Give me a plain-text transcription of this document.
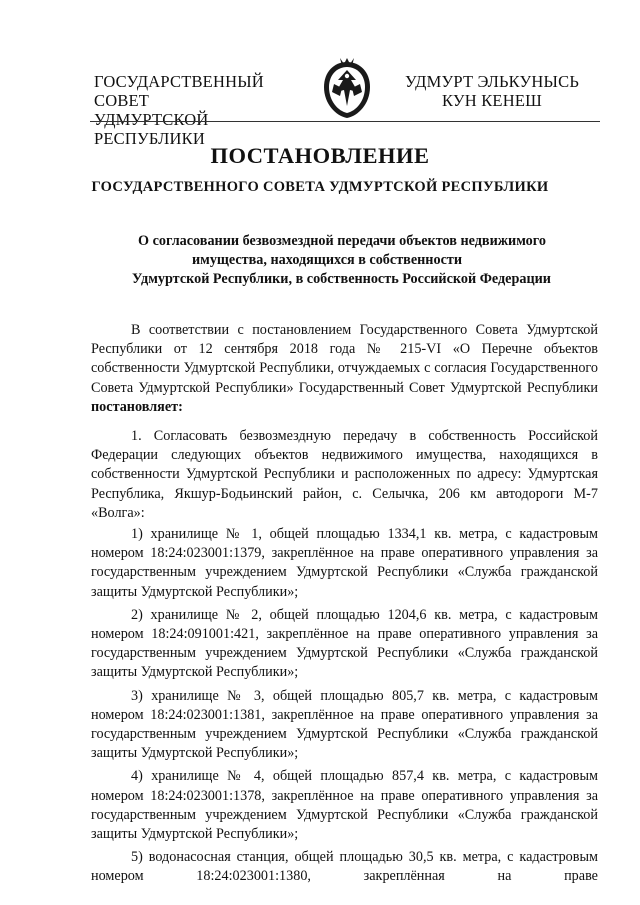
ГОСУДАРСТВЕННЫЙ СОВЕТ
УДМУРТСКОЙ РЕСПУБЛИКИ
УДМУРТ ЭЛЬКУНЫСЬ
КУН КЕНЕШ
ПОСТАНОВЛЕНИЕ
ГОСУДАРСТВЕННОГО СОВЕТА УДМУРТСКОЙ РЕСПУБЛИКИ
О согласовании безвозмездной передачи объектов недвижимого
имущества, находящихся в собственности
Удмуртской Республики, в собственность Российской Федерации

В соответствии с постановлением Государственного Совета Удмуртской Республики от 12 сентября 2018 года № 215-VI «О Перечне объектов собственности Удмуртской Республики, отчуждаемых с согласия Государственного Совета Удмуртской Республики» Государственный Совет Удмуртской Республики постановляет:

1. Согласовать безвозмездную передачу в собственность Российской Федерации следующих объектов недвижимого имущества, находящихся в собственности Удмуртской Республики и расположенных по адресу: Удмуртская Республика, Якшур-Бодьинский район, с. Селычка, 206 км автодороги М-7 «Волга»:

1) хранилище № 1, общей площадью 1334,1 кв. метра, с кадастровым номером 18:24:023001:1379, закреплённое на праве оперативного управления за государственным учреждением Удмуртской Республики «Служба гражданской защиты Удмуртской Республики»;

2) хранилище № 2, общей площадью 1204,6 кв. метра, с кадастровым номером 18:24:091001:421, закреплённое на праве оперативного управления за государственным учреждением Удмуртской Республики «Служба гражданской защиты Удмуртской Республики»;

3) хранилище № 3, общей площадью 805,7 кв. метра, с кадастровым номером 18:24:023001:1381, закреплённое на праве оперативного управления за государственным учреждением Удмуртской Республики «Служба гражданской защиты Удмуртской Республики»;

4) хранилище № 4, общей площадью 857,4 кв. метра, с кадастровым номером 18:24:023001:1378, закреплённое на праве оперативного управления за государственным учреждением Удмуртской Республики «Служба гражданской защиты Удмуртской Республики»;

5) водонасосная станция, общей площадью 30,5 кв. метра, с кадастровым номером 18:24:023001:1380, закреплённая на праве
